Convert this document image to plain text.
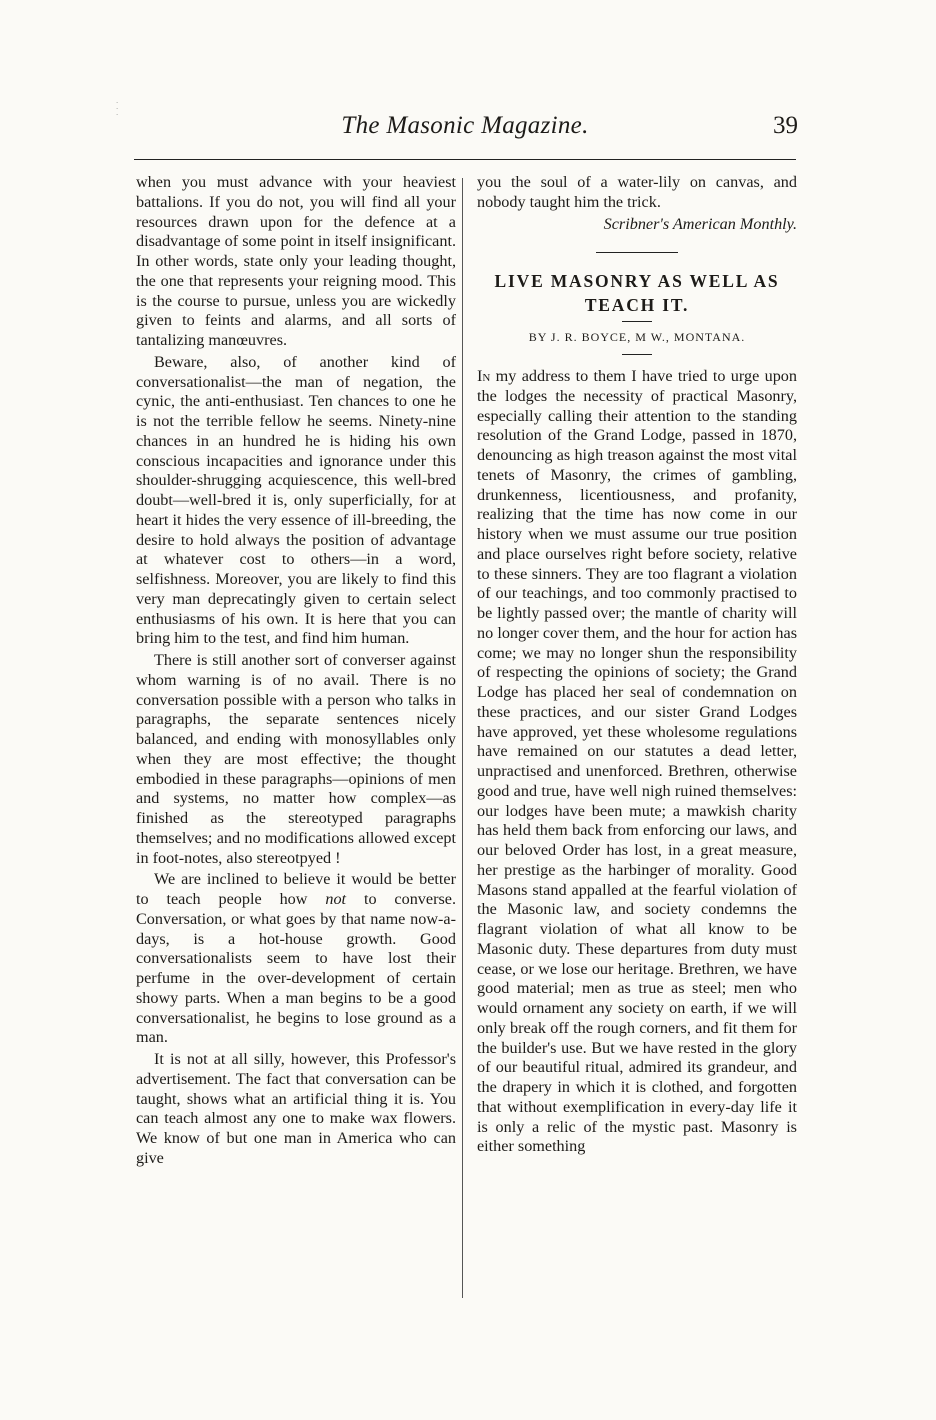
·
·
·	The Masonic Magazine.	39

when you must advance with your heaviest battalions. If you do not, you will find all your resources drawn upon for the defence at a disadvantage of some point in itself insignificant. In other words, state only your leading thought, the one that represents your reigning mood. This is the course to pursue, unless you are wickedly given to feints and alarms, and all sorts of tantalizing manœuvres.

Beware, also, of another kind of conversationalist—the man of negation, the cynic, the anti-enthusiast. Ten chances to one he is not the terrible fellow he seems. Ninety-nine chances in an hundred he is hiding his own conscious incapacities and ignorance under this shoulder-shrugging acquiescence, this well-bred doubt—well-bred it is, only superficially, for at heart it hides the very essence of ill-breeding, the desire to hold always the position of advantage at whatever cost to others—in a word, selfishness. Moreover, you are likely to find this very man deprecatingly given to certain select enthusiasms of his own. It is here that you can bring him to the test, and find him human.

There is still another sort of converser against whom warning is of no avail. There is no conversation possible with a person who talks in paragraphs, the separate sentences nicely balanced, and ending with monosyllables only when they are most effective; the thought embodied in these paragraphs—opinions of men and systems, no matter how complex—as finished as the stereotyped paragraphs themselves; and no modifications allowed except in foot-notes, also stereotpyed !

We are inclined to believe it would be better to teach people how not to converse. Conversation, or what goes by that name now-a-days, is a hot-house growth. Good conversationalists seem to have lost their perfume in the over-development of certain showy parts. When a man begins to be a good conversationalist, he begins to lose ground as a man.

It is not at all silly, however, this Professor's advertisement. The fact that conversation can be taught, shows what an artificial thing it is. You can teach almost any one to make wax flowers. We know of but one man in America who can give

you the soul of a water-lily on canvas, and nobody taught him the trick.

Scribner's American Monthly.

LIVE MASONRY AS WELL AS TEACH IT.
BY J. R. BOYCE, M W., MONTANA.

In my address to them I have tried to urge upon the lodges the necessity of practical Masonry, especially calling their attention to the standing resolution of the Grand Lodge, passed in 1870, denouncing as high treason against the most vital tenets of Masonry, the crimes of gambling, drunkenness, licentiousness, and profanity, realizing that the time has now come in our history when we must assume our true position and place ourselves right before society, relative to these sinners. They are too flagrant a violation of our teachings, and too commonly practised to be lightly passed over; the mantle of charity will no longer cover them, and the hour for action has come; we may no longer shun the responsibility of respecting the opinions of society; the Grand Lodge has placed her seal of condemnation on these practices, and our sister Grand Lodges have approved, yet these wholesome regulations have remained on our statutes a dead letter, unpractised and unenforced. Brethren, otherwise good and true, have well nigh ruined themselves: our lodges have been mute; a mawkish charity has held them back from enforcing our laws, and our beloved Order has lost, in a great measure, her prestige as the harbinger of morality. Good Masons stand appalled at the fearful violation of the Masonic law, and society condemns the flagrant violation of what all know to be Masonic duty. These departures from duty must cease, or we lose our heritage. Brethren, we have good material; men as true as steel; men who would ornament any society on earth, if we will only break off the rough corners, and fit them for the builder's use. But we have rested in the glory of our beautiful ritual, admired its grandeur, and the drapery in which it is clothed, and forgotten that without exemplification in every-day life it is only a relic of the mystic past. Masonry is either something
